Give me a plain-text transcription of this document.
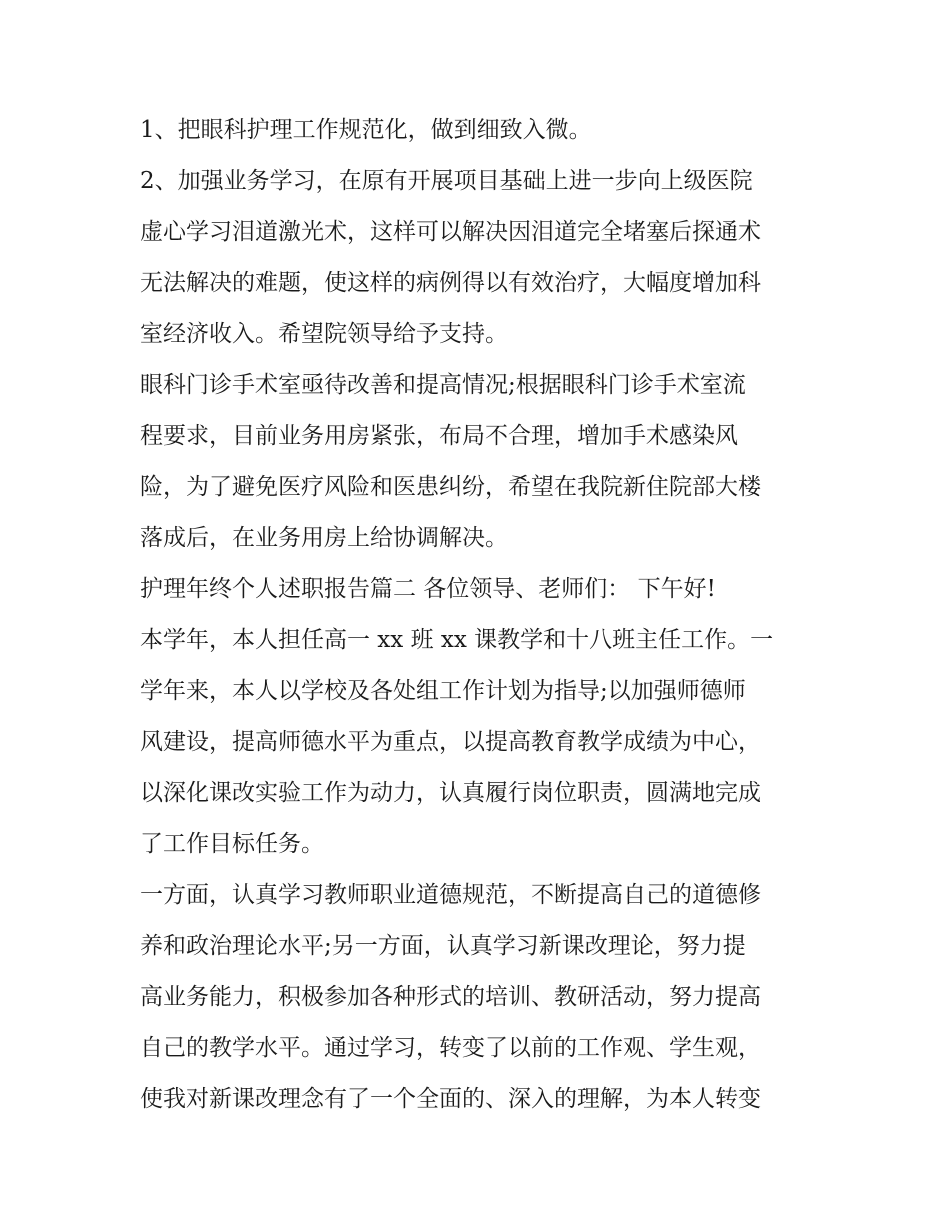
1、把眼科护理工作规范化，做到细致入微。
2、加强业务学习，在原有开展项目基础上进一步向上级医院
虚心学习泪道激光术，这样可以解决因泪道完全堵塞后探通术
无法解决的难题，使这样的病例得以有效治疗，大幅度增加科
室经济收入。希望院领导给予支持。
眼科门诊手术室亟待改善和提高情况;根据眼科门诊手术室流
程要求，目前业务用房紧张，布局不合理，增加手术感染风
险，为了避免医疗风险和医患纠纷，希望在我院新住院部大楼
落成后，在业务用房上给协调解决。
护理年终个人述职报告篇二 各位领导、老师们： 下午好!
本学年，本人担任高一 xx 班 xx 课教学和十八班主任工作。一
学年来，本人以学校及各处组工作计划为指导;以加强师德师
风建设，提高师德水平为重点，以提高教育教学成绩为中心，
以深化课改实验工作为动力，认真履行岗位职责，圆满地完成
了工作目标任务。
一方面，认真学习教师职业道德规范，不断提高自己的道德修
养和政治理论水平;另一方面，认真学习新课改理论，努力提
高业务能力，积极参加各种形式的培训、教研活动，努力提高
自己的教学水平。通过学习，转变了以前的工作观、学生观，
使我对新课改理念有了一个全面的、深入的理解，为本人转变
